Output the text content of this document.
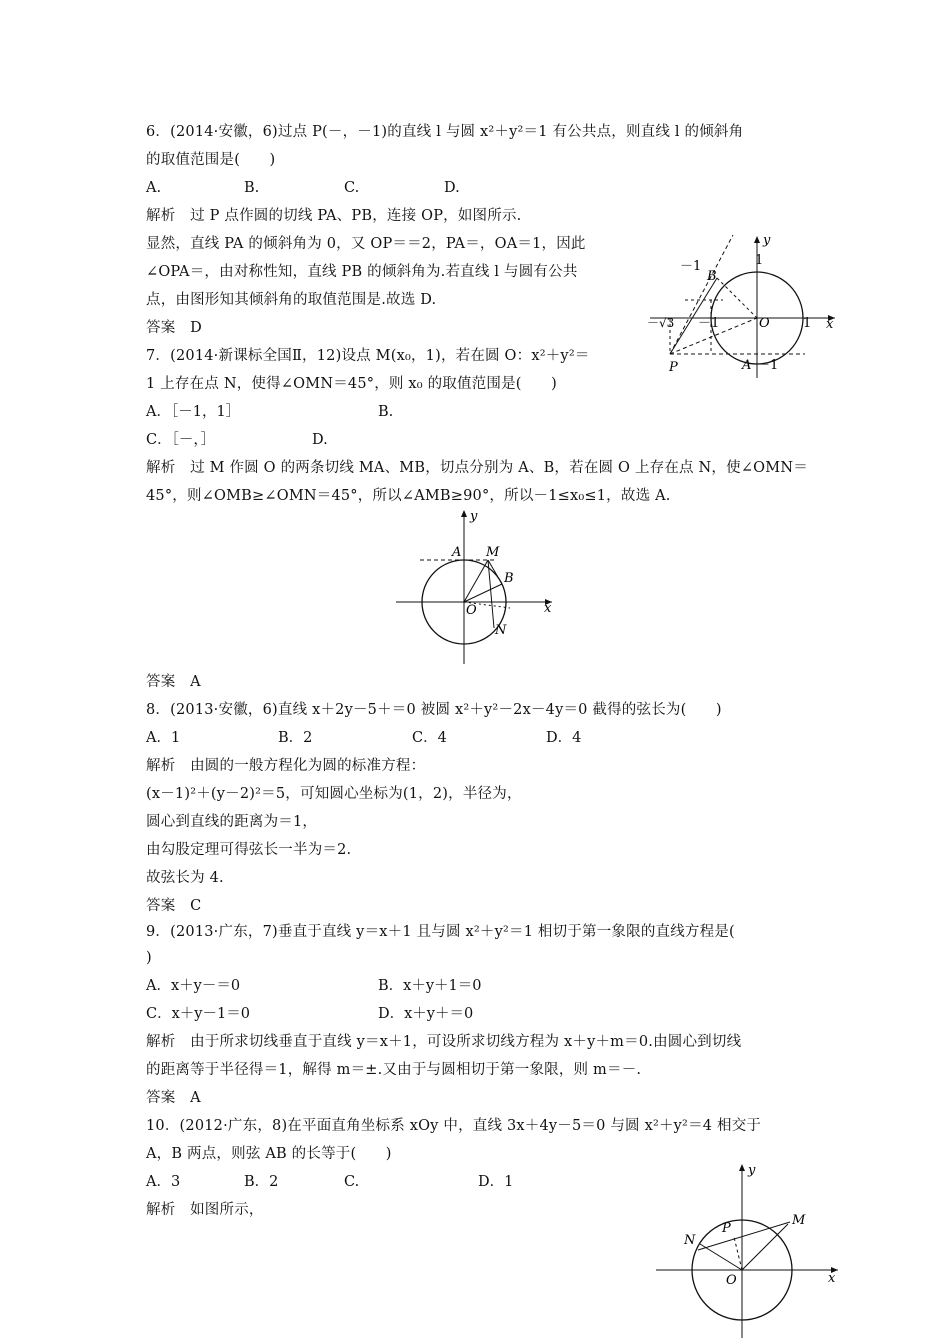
6．(2014·安徽，6)过点 P(－，－1)的直线 l 与圆 x²＋y²＝1 有公共点，则直线 l 的倾斜角
的取值范围是(　　)
A.	B.	C.	D.
解析　过 P 点作圆的切线 PA、PB，连接 OP，如图所示.
显然，直线 PA 的倾斜角为 0，又 OP＝＝2，PA＝，OA＝1，因此
∠OPA＝，由对称性知，直线 PB 的倾斜角为.若直线 l 与圆有公共
点，由图形知其倾斜角的取值范围是.故选 D.
答案　D
7．(2014·新课标全国Ⅱ，12)设点 M(x₀，1)，若在圆 O：x²＋y²＝
1 上存在点 N，使得∠OMN＝45°，则 x₀ 的取值范围是(　　)
A．［－1，1］	B.
C．［－，］	D.
解析　过 M 作圆 O 的两条切线 MA、MB，切点分别为 A、B，若在圆 O 上存在点 N，使∠OMN＝
45°，则∠OMB≥∠OMN＝45°，所以∠AMB≥90°，所以－1≤x₀≤1，故选 A.
答案　A
8．(2013·安徽，6)直线 x＋2y－5＋＝0 被圆 x²＋y²－2x－4y＝0 截得的弦长为(　　)
A．1	B．2	C．4	D．4
解析　由圆的一般方程化为圆的标准方程：
(x－1)²＋(y－2)²＝5，可知圆心坐标为(1，2)，半径为，
圆心到直线的距离为＝1，
由勾股定理可得弦长一半为＝2.
故弦长为 4.
答案　C
9．(2013·广东，7)垂直于直线 y＝x＋1 且与圆 x²＋y²＝1 相切于第一象限的直线方程是(
)
A．x＋y－＝0	B．x＋y＋1＝0
C．x＋y－1＝0	D．x＋y＋＝0
解析　由于所求切线垂直于直线 y＝x＋1，可设所求切线方程为 x＋y＋m＝0.由圆心到切线
的距离等于半径得＝1，解得 m＝±.又由于与圆相切于第一象限，则 m＝－.
答案　A
10．(2012·广东，8)在平面直角坐标系 xOy 中，直线 3x＋4y－5＝0 与圆 x²＋y²＝4 相交于
A，B 两点，则弦 AB 的长等于(　　)
A．3	B．2	C.	D．1
解析　如图所示，
y
x
－1	1
B
－√3 －1	O	1
P	A －1
y
x
A M
B
O
N
y
x
N
P
M
O
